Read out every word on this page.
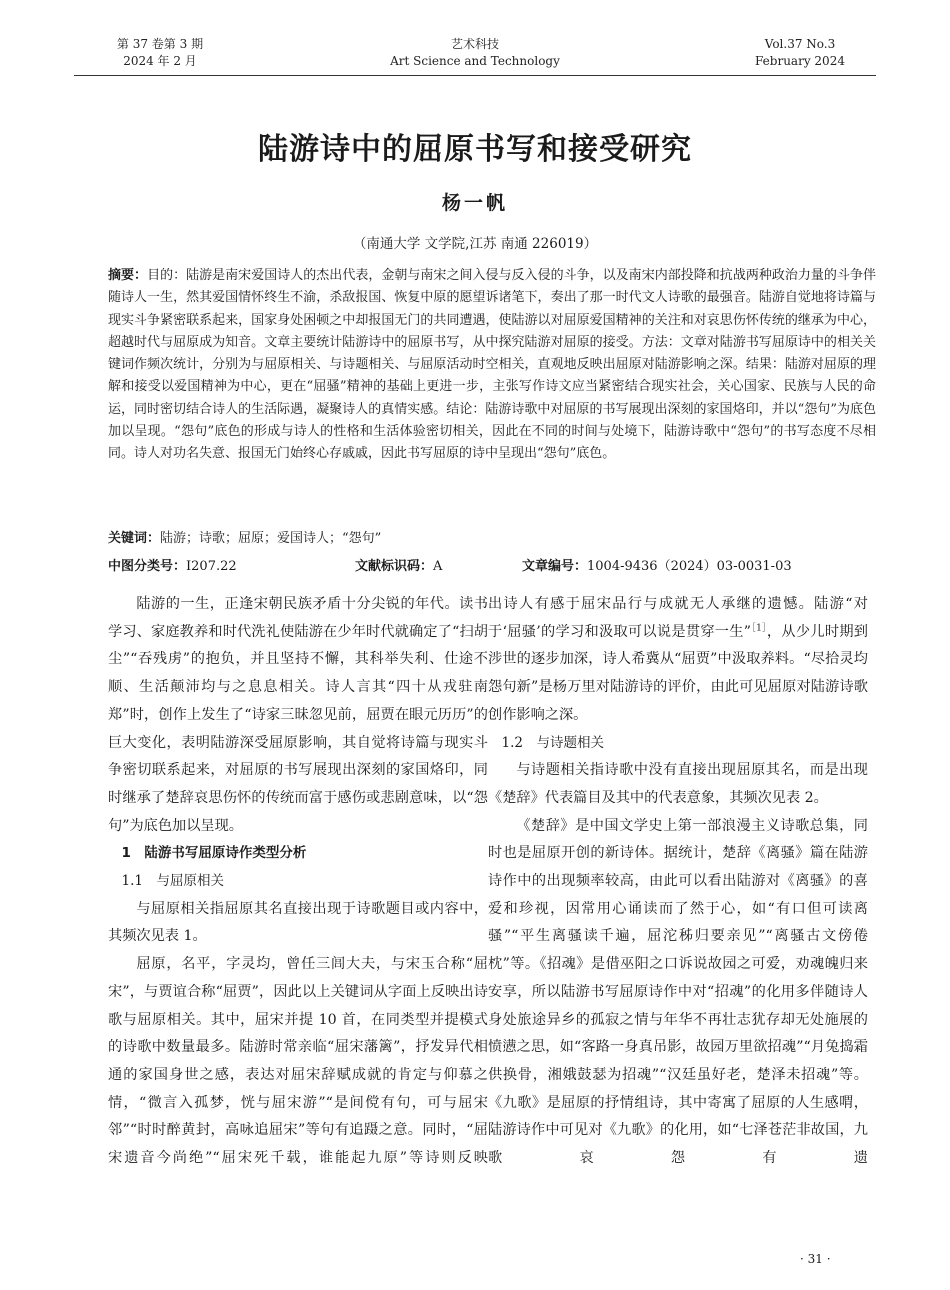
第 37 卷第 3 期
2024 年 2 月
艺术科技
Art Science and Technology
Vol.37 No.3
February 2024
陆游诗中的屈原书写和接受研究
杨一帆
（南通大学 文学院,江苏 南通 226019）

摘要：目的：陆游是南宋爱国诗人的杰出代表，金朝与南宋之间入侵与反入侵的斗争，以及南宋内部投降和抗战两种政治力量的斗争伴随诗人一生，然其爱国情怀终生不渝，杀敌报国、恢复中原的愿望诉诸笔下，奏出了那一时代文人诗歌的最强音。陆游自觉地将诗篇与现实斗争紧密联系起来，国家身处困顿之中却报国无门的共同遭遇，使陆游以对屈原爱国精神的关注和对哀思伤怀传统的继承为中心，超越时代与屈原成为知音。文章主要统计陆游诗中的屈原书写，从中探究陆游对屈原的接受。方法：文章对陆游书写屈原诗中的相关关键词作频次统计，分别为与屈原相关、与诗题相关、与屈原活动时空相关，直观地反映出屈原对陆游影响之深。结果：陆游对屈原的理解和接受以爱国精神为中心，更在“屈骚”精神的基础上更进一步，主张写作诗文应当紧密结合现实社会，关心国家、民族与人民的命运，同时密切结合诗人的生活际遇，凝聚诗人的真情实感。结论：陆游诗歌中对屈原的书写展现出深刻的家国烙印，并以“怨句”为底色加以呈现。“怨句”底色的形成与诗人的性格和生活体验密切相关，因此在不同的时间与处境下，陆游诗歌中“怨句”的书写态度不尽相同。诗人对功名失意、报国无门始终心存戚戚，因此书写屈原的诗中呈现出“怨句”底色。

关键词：陆游；诗歌；屈原；爱国诗人；“怨句”
中图分类号：I207.22	文献标识码：A	文章编号：1004-9436（2024）03-0031-03

陆游的一生，正逢宋朝民族矛盾十分尖锐的年代。读书学习、家庭教养和时代洗礼使陆游在少年时代就确定了“扫胡尘”“吞残虏”的抱负，并且坚持不懈，其科举失利、仕途不顺、生活颠沛均与之息息相关。诗人言其“四十从戎驻南郑”时，创作上发生了“诗家三昧忽见前，屈贾在眼元历历”的巨大变化，表明陆游深受屈原影响，其自觉将诗篇与现实斗争密切联系起来，对屈原的书写展现出深刻的家国烙印，同时继承了楚辞哀思伤怀的传统而富于感伤或悲剧意味，以“怨句”为底色加以呈现。

1　陆游书写屈原诗作类型分析

1.1　与屈原相关

与屈原相关指屈原其名直接出现于诗歌题目或内容中，其频次见表 1。

屈原，名平，字灵均，曾任三闾大夫，与宋玉合称“屈宋”，与贾谊合称“屈贾”，因此以上关键词从字面上反映出诗歌与屈原相关。其中，屈宋并提 10 首，在同类型并提模式的诗歌中数量最多。陆游时常亲临“屈宋藩篱”，抒发异代相通的家国身世之感，表达对屈宋辞赋成就的肯定与仰慕之情，“微言入孤梦，恍与屈宋游”“是间傥有句，可与屈宋邻”“时时醉黄封，高咏追屈宋”等句有追蹑之意。同时，“屈宋遗音今尚绝”“屈宋死千载，谁能起九原”等诗则反映

出诗人有感于屈宋品行与成就无人承继的遗憾。陆游“对于‘屈骚’的学习和汲取可以说是贯穿一生”$^{[1]}$，从少儿时期到涉世的逐步加深，诗人希冀从“屈贾”中汲取养料。“尽拾灵均怨句新”是杨万里对陆游诗的评价，由此可见屈原对陆游诗歌创作影响之深。

1.2　与诗题相关

与诗题相关指诗歌中没有直接出现屈原其名，而是出现《楚辞》代表篇目及其中的代表意象，其频次见表 2。

《楚辞》是中国文学史上第一部浪漫主义诗歌总集，同时也是屈原开创的新诗体。据统计，楚辞《离骚》篇在陆游诗作中的出现频率较高，由此可以看出陆游对《离骚》的喜爱和珍视，因常用心诵读而了然于心，如“有口但可读离骚”“平生离骚读千遍，屈沱秭归要亲见”“离骚古文傍倦枕”等。《招魂》是借巫阳之口诉说故园之可爱，劝魂魄归来安享，所以陆游书写屈原诗作中对“招魂”的化用多伴随诗人身处旅途异乡的孤寂之情与年华不再壮志犹存却无处施展的愤懑之思，如“客路一身真吊影，故园万里欲招魂”“月兔捣霜供换骨，湘娥鼓瑟为招魂”“汉廷虽好老，楚泽未招魂”等。《九歌》是屈原的抒情组诗，其中寄寓了屈原的人生感喟，陆游诗作中可见对《九歌》的化用，如“七泽苍茫非故国，九歌哀怨有遗

· 31 ·
